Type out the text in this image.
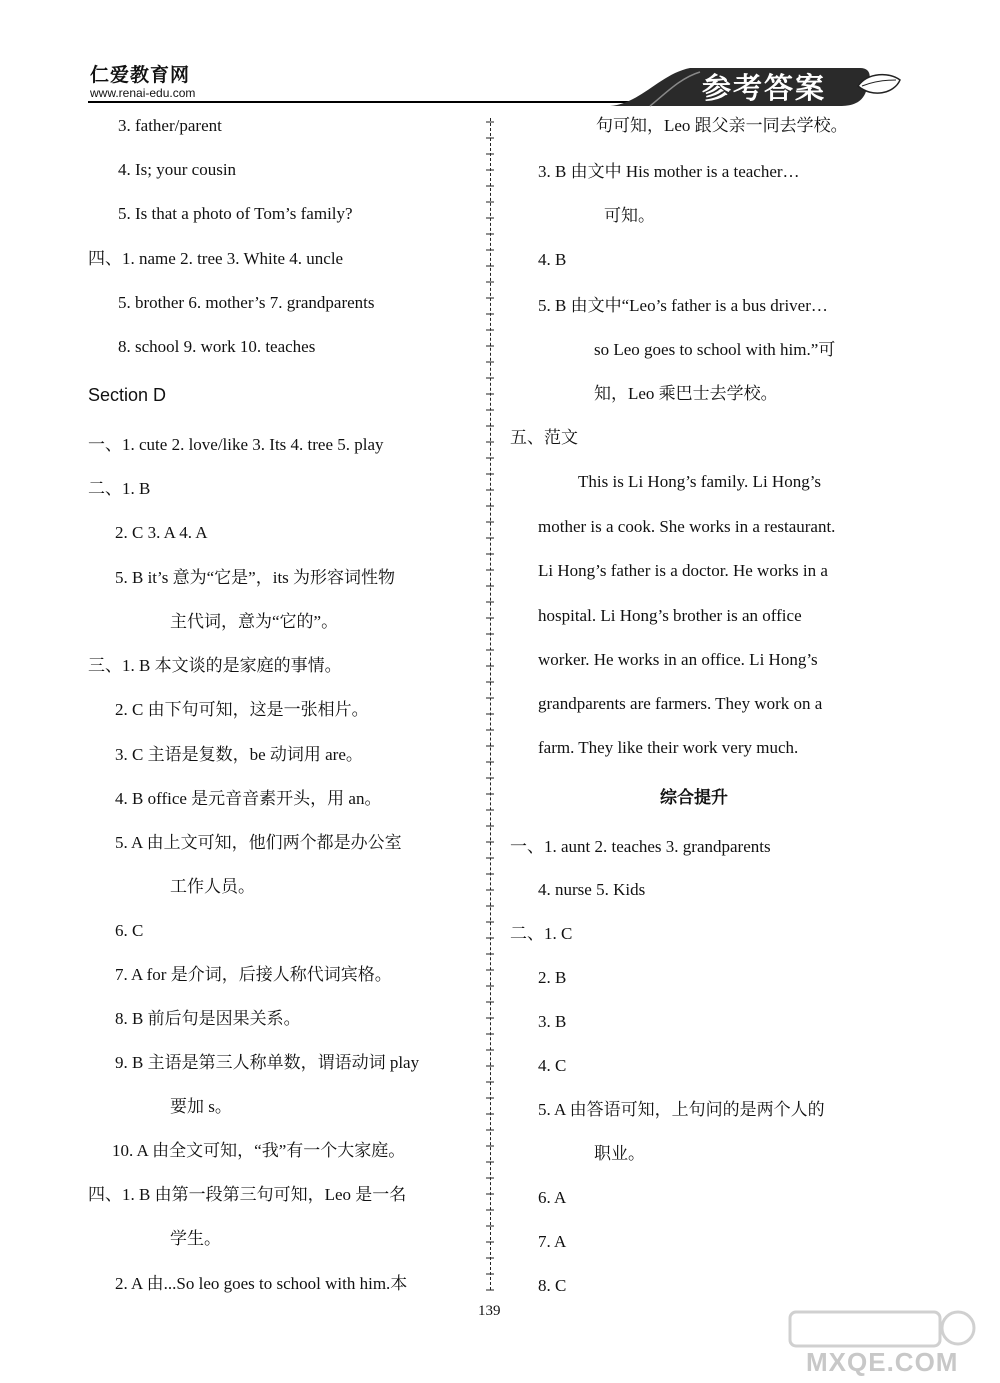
仁爱教育网
www.renai-edu.com	参考答案
3. father/parent
4. Is; your cousin
5. Is that a photo of Tom’s family?
四、1. name 2. tree 3. White 4. uncle
5. brother 6. mother’s 7. grandparents
8. school 9. work 10. teaches
Section D
一、1. cute 2. love/like 3. Its 4. tree 5. play
二、1. B
2. C 3. A 4. A
5. B it’s 意为“它是”，its 为形容词性物
主代词，意为“它的”。
三、1. B 本文谈的是家庭的事情。
2. C 由下句可知，这是一张相片。
3. C 主语是复数，be 动词用 are。
4. B office 是元音音素开头，用 an。
5. A 由上文可知，他们两个都是办公室
工作人员。
6. C
7. A for 是介词，后接人称代词宾格。
8. B 前后句是因果关系。
9. B 主语是第三人称单数，谓语动词 play
要加 s。
10. A 由全文可知，“我”有一个大家庭。
四、1. B 由第一段第三句可知，Leo 是一名
学生。
2. A 由...So leo goes to school with him.本
句可知，Leo 跟父亲一同去学校。
3. B 由文中 His mother is a teacher…
可知。
4. B
5. B 由文中“Leo’s father is a bus driver…
so Leo goes to school with him.”可
知，Leo 乘巴士去学校。
五、范文
This is Li Hong’s family. Li Hong’s
mother is a cook. She works in a restaurant.
Li Hong’s father is a doctor. He works in a
hospital. Li Hong’s brother is an office
worker. He works in an office. Li Hong’s
grandparents are farmers. They work on a
farm. They like their work very much.
综合提升
一、1. aunt 2. teaches 3. grandparents
4. nurse 5. Kids
二、1. C
2. B
3. B
4. C
5. A 由答语可知，上句问的是两个人的
职业。
6. A
7. A
8. C
139
MXQE.COM
